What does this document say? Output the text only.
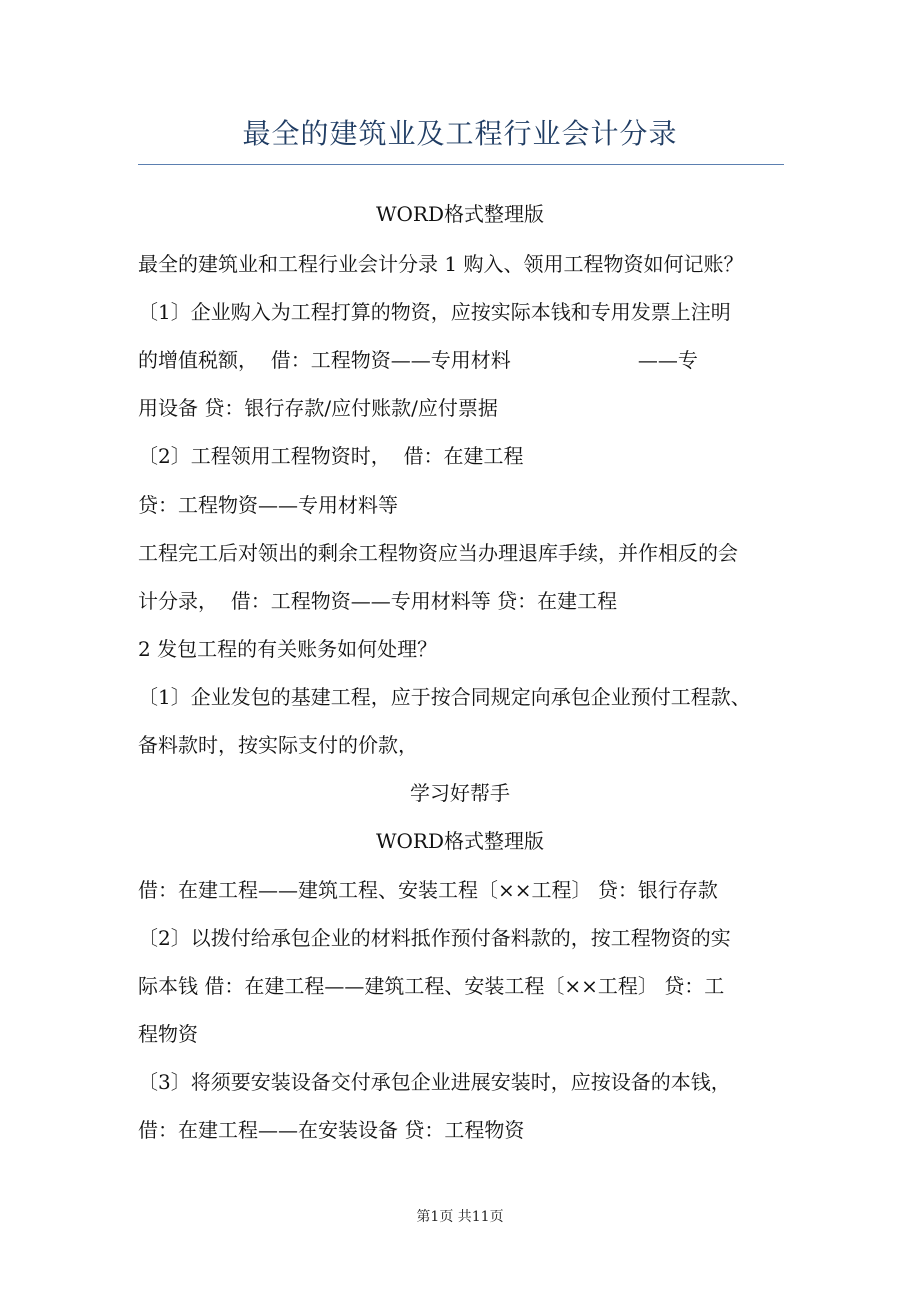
最全的建筑业及工程行业会计分录
WORD格式整理版
最全的建筑业和工程行业会计分录 1 购入、领用工程物资如何记账？
〔1〕企业购入为工程打算的物资，应按实际本钱和专用发票上注明
的增值税额，  借：工程物资——专用材料                    ——专
用设备 贷：银行存款/应付账款/应付票据
〔2〕工程领用工程物资时，  借：在建工程
贷：工程物资——专用材料等
工程完工后对领出的剩余工程物资应当办理退库手续，并作相反的会
计分录，  借：工程物资——专用材料等 贷：在建工程
2 发包工程的有关账务如何处理？
〔1〕企业发包的基建工程，应于按合同规定向承包企业预付工程款、
备料款时，按实际支付的价款，
学习好帮手
WORD格式整理版
借：在建工程——建筑工程、安装工程〔××工程〕 贷：银行存款
〔2〕以拨付给承包企业的材料抵作预付备料款的，按工程物资的实
际本钱 借：在建工程——建筑工程、安装工程〔××工程〕 贷：工
程物资
〔3〕将须要安装设备交付承包企业进展安装时，应按设备的本钱，
借：在建工程——在安装设备 贷：工程物资
第1页 共11页
